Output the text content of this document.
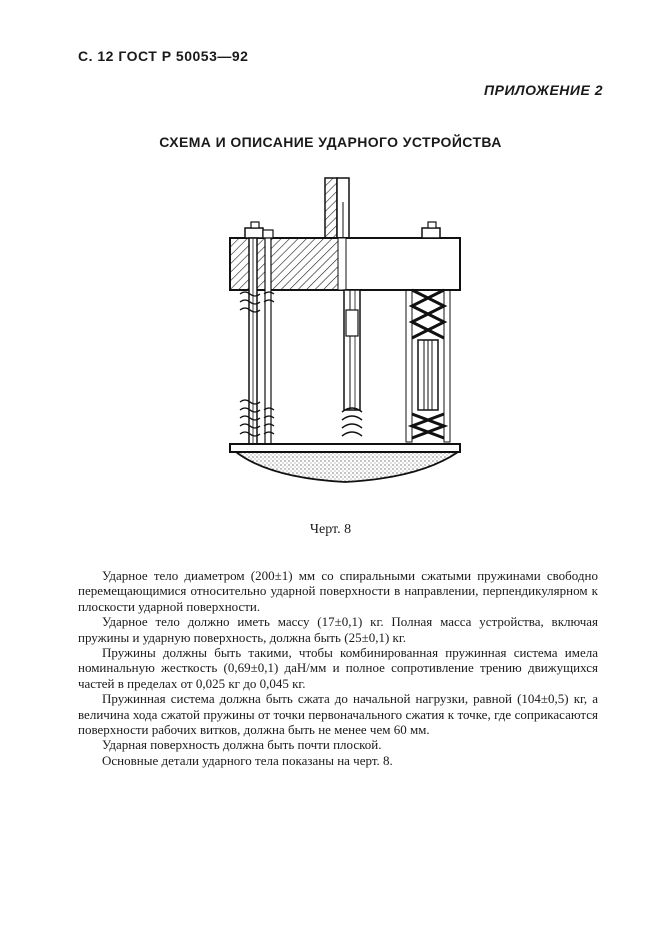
С. 12 ГОСТ Р 50053—92
ПРИЛОЖЕНИЕ 2
СХЕМА И ОПИСАНИЕ УДАРНОГО УСТРОЙСТВА
Черт. 8

Ударное тело диаметром (200±1) мм со спиральными сжатыми пружинами свободно перемещающимися относительно ударной поверхности в направлении, перпендикулярном к плоскости ударной поверхности.

Ударное тело должно иметь массу (17±0,1) кг. Полная масса устройства, включая пружины и ударную поверхность, должна быть (25±0,1) кг.

Пружины должны быть такими, чтобы комбинированная пружинная система имела номинальную жесткость (0,69±0,1) даН/мм и полное сопротивление трению движущихся частей в пределах от 0,025 кг до 0,045 кг.

Пружинная система должна быть сжата до начальной нагрузки, равной (104±0,5) кг, а величина хода сжатой пружины от точки первоначального сжатия к точке, где соприкасаются поверхности рабочих витков, должна быть не менее чем 60 мм.

Ударная поверхность должна быть почти плоской.

Основные детали ударного тела показаны на черт. 8.
